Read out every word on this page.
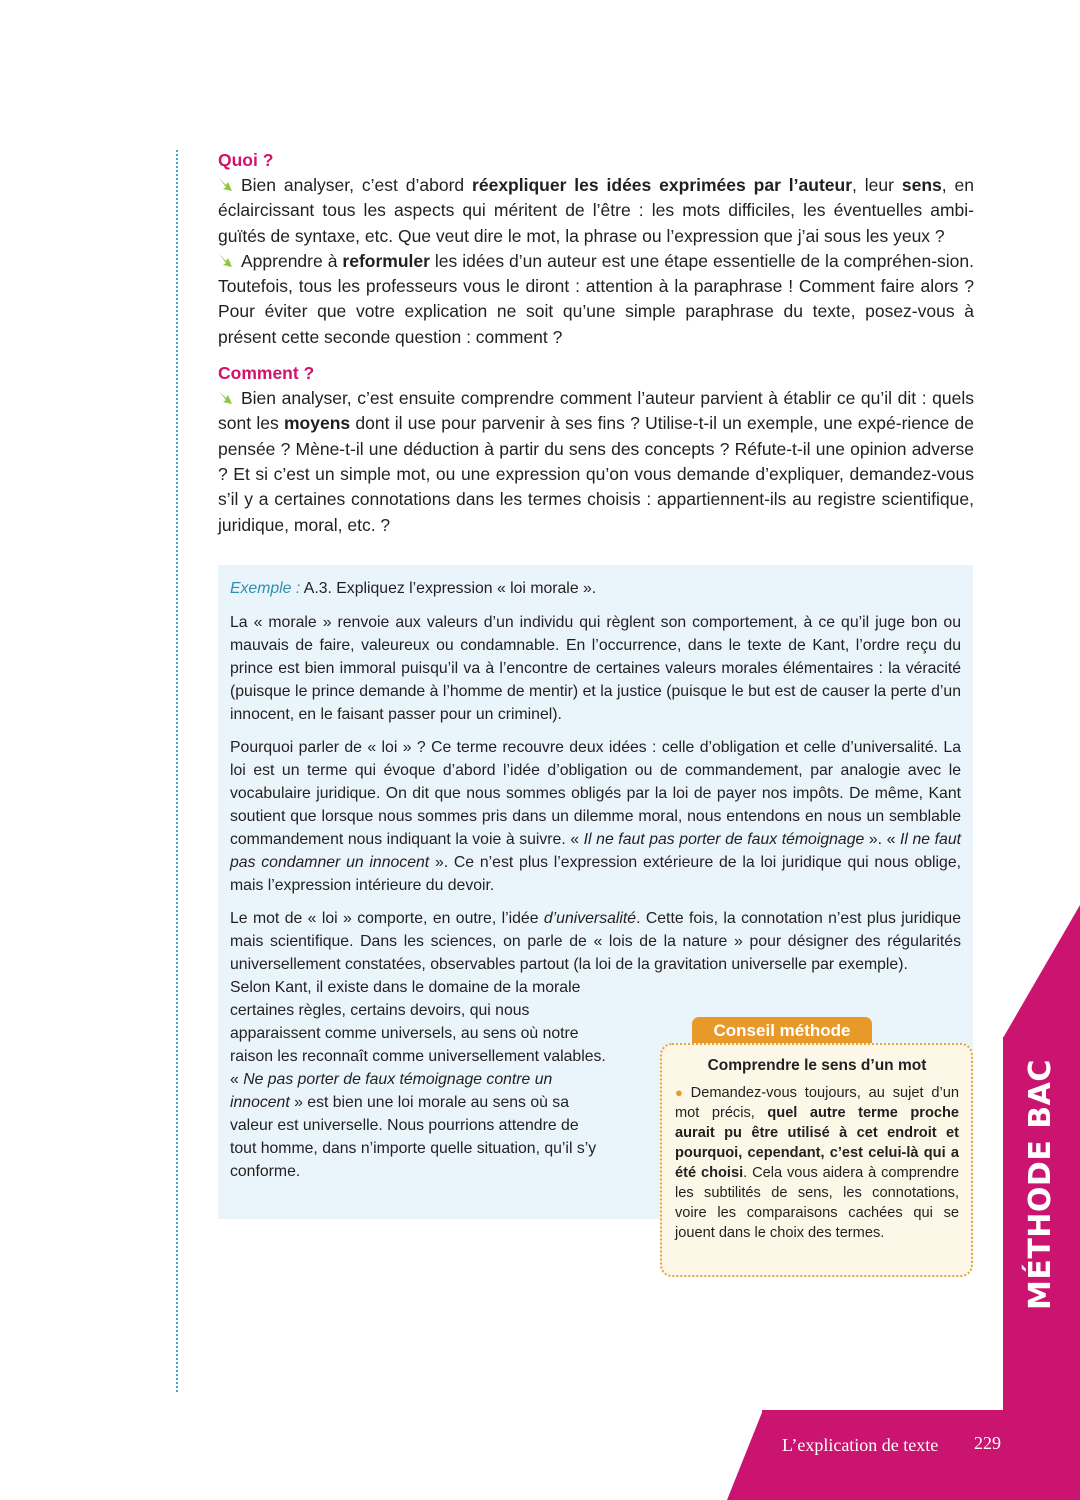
Quoi ?

Bien analyser, c’est d’abord réexpliquer les idées exprimées par l’auteur, leur sens, en éclaircissant tous les aspects qui méritent de l’être : les mots difficiles, les éventuelles ambi-guïtés de syntaxe, etc. Que veut dire le mot, la phrase ou l’expression que j’ai sous les yeux ?

Apprendre à reformuler les idées d’un auteur est une étape essentielle de la compréhen-sion. Toutefois, tous les professeurs vous le diront : attention à la paraphrase ! Comment faire alors ? Pour éviter que votre explication ne soit qu’une simple paraphrase du texte, posez-vous à présent cette seconde question : comment ?

Comment ?

Bien analyser, c’est ensuite comprendre comment l’auteur parvient à établir ce qu’il dit : quels sont les moyens dont il use pour parvenir à ses fins ? Utilise-t-il un exemple, une expé-rience de pensée ? Mène-t-il une déduction à partir du sens des concepts ? Réfute-t-il une opinion adverse ? Et si c’est un simple mot, ou une expression qu’on vous demande d’expliquer, demandez-vous s’il y a certaines connotations dans les termes choisis : appartiennent-ils au registre scientifique, juridique, moral, etc. ?

Exemple : A.3. Expliquez l’expression « loi morale ».

La « morale » renvoie aux valeurs d’un individu qui règlent son comportement, à ce qu’il juge bon ou mauvais de faire, valeureux ou condamnable. En l’occurrence, dans le texte de Kant, l’ordre reçu du prince est bien immoral puisqu’il va à l’encontre de certaines valeurs morales élémentaires : la véracité (puisque le prince demande à l’homme de mentir) et la justice (puisque le but est de causer la perte d’un innocent, en le faisant passer pour un criminel).

Pourquoi parler de « loi » ? Ce terme recouvre deux idées : celle d’obligation et celle d’universalité. La loi est un terme qui évoque d’abord l’idée d’obligation ou de commandement, par analogie avec le vocabulaire juridique. On dit que nous sommes obligés par la loi de payer nos impôts. De même, Kant soutient que lorsque nous sommes pris dans un dilemme moral, nous entendons en nous un semblable commandement nous indiquant la voie à suivre. « Il ne faut pas porter de faux témoignage ». « Il ne faut pas condamner un innocent ». Ce n’est plus l’expression extérieure de la loi juridique qui nous oblige, mais l’expression intérieure du devoir.

Le mot de « loi » comporte, en outre, l’idée d’universalité. Cette fois, la connotation n’est plus juridique mais scientifique. Dans les sciences, on parle de « lois de la nature » pour désigner des régularités universellement constatées, observables partout (la loi de la gravitation universelle par exemple).

Selon Kant, il existe dans le domaine de la morale certaines règles, certains devoirs, qui nous apparaissent comme universels, au sens où notre raison les reconnaît comme universellement valables. « Ne pas porter de faux témoignage contre un innocent » est bien une loi morale au sens où sa valeur est universelle. Nous pourrions attendre de tout homme, dans n’importe quelle situation, qu’il s’y conforme.

Conseil méthode

Comprendre le sens d’un mot

● Demandez-vous toujours, au sujet d’un mot précis, quel autre terme proche aurait pu être utilisé à cet endroit et pourquoi, cependant, c’est celui-là qui a été choisi. Cela vous aidera à comprendre les subtilités de sens, les connotations, voire les comparaisons cachées qui se jouent dans le choix des termes.	MÉTHODE BAC
L’explication de texte 229
